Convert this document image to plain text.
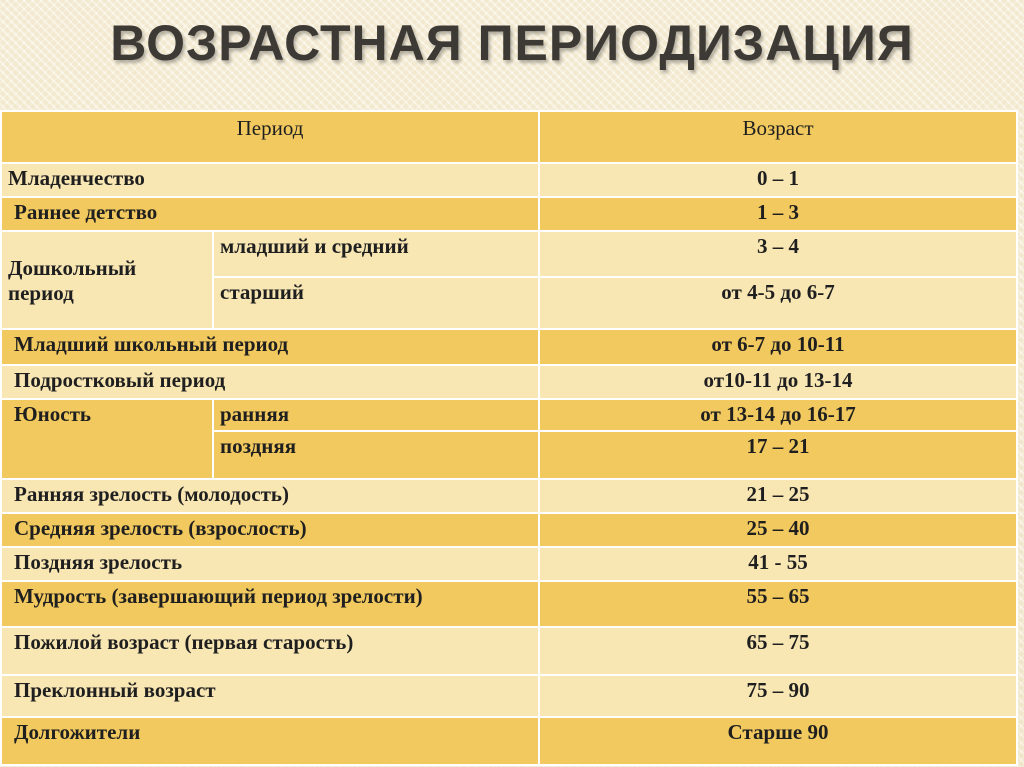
ВОЗРАСТНАЯ ПЕРИОДИЗАЦИЯ
Период		Возраст
Младенчество		0 – 1
Раннее детство		1 – 3
Дошкольный период	младший и средний	3 – 4
	старший	от 4-5 до 6-7
Младший школьный период		от 6-7 до 10-11
Подростковый период		от10-11 до 13-14
Юность	ранняя	от 13-14 до 16-17
	поздняя	17 – 21
Ранняя зрелость (молодость)		21 – 25
Средняя зрелость (взрослость)		25 – 40
Поздняя зрелость		41 - 55
Мудрость (завершающий период зрелости)		55 – 65
Пожилой возраст (первая старость)		65 – 75
Преклонный возраст		75 – 90
Долгожители		Старше 90
